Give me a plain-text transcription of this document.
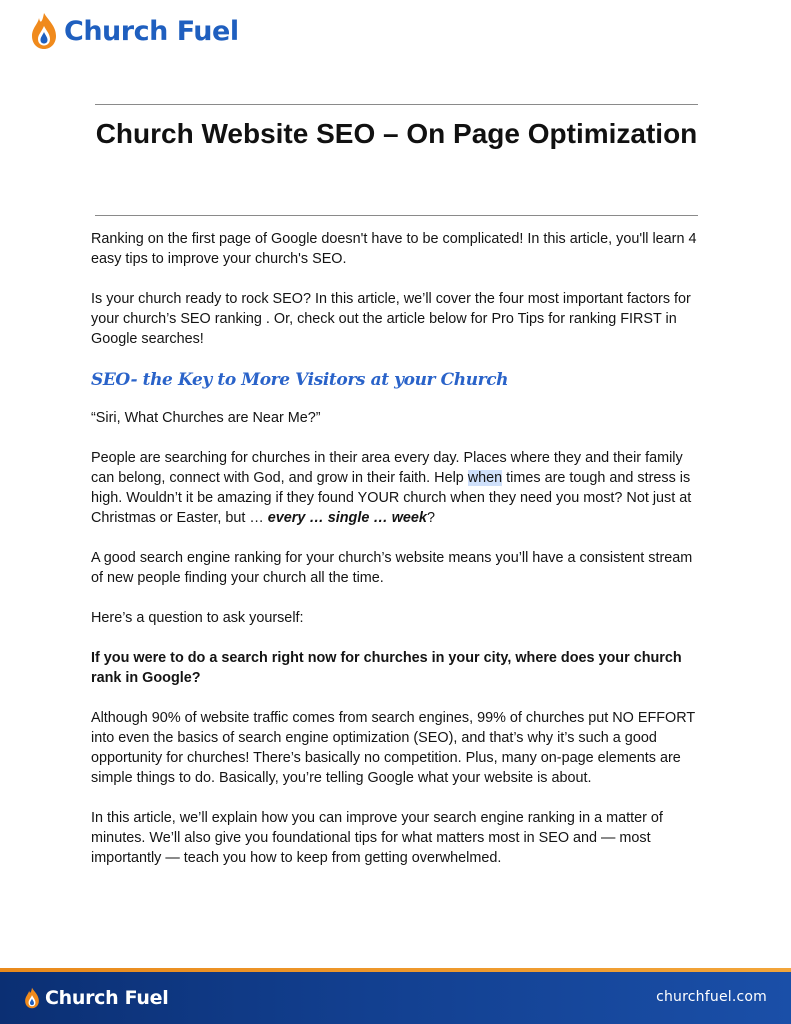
Church Fuel
Church Website SEO – On Page Optimization

Ranking on the first page of Google doesn't have to be complicated! In this article, you'll learn 4 easy tips to improve your church's SEO.

Is your church ready to rock SEO? In this article, we’ll cover the four most important factors for your church’s SEO ranking . Or, check out the article below for Pro Tips for ranking FIRST in Google searches!

SEO- the Key to More Visitors at your Church

“Siri, What Churches are Near Me?”

People are searching for churches in their area every day. Places where they and their family can belong, connect with God, and grow in their faith. Help when times are tough and stress is high. Wouldn’t it be amazing if they found YOUR church when they need you most? Not just at Christmas or Easter, but … every … single … week?

A good search engine ranking for your church’s website means you’ll have a consistent stream of new people finding your church all the time.

Here’s a question to ask yourself:

If you were to do a search right now for churches in your city, where does your church rank in Google?

Although 90% of website traffic comes from search engines, 99% of churches put NO EFFORT into even the basics of search engine optimization (SEO), and that’s why it’s such a good opportunity for churches! There’s basically no competition. Plus, many on-page elements are simple things to do. Basically, you’re telling Google what your website is about.

In this article, we’ll explain how you can improve your search engine ranking in a matter of minutes. We’ll also give you foundational tips for what matters most in SEO and — most importantly — teach you how to keep from getting overwhelmed.

Church Fuel	churchfuel.com
